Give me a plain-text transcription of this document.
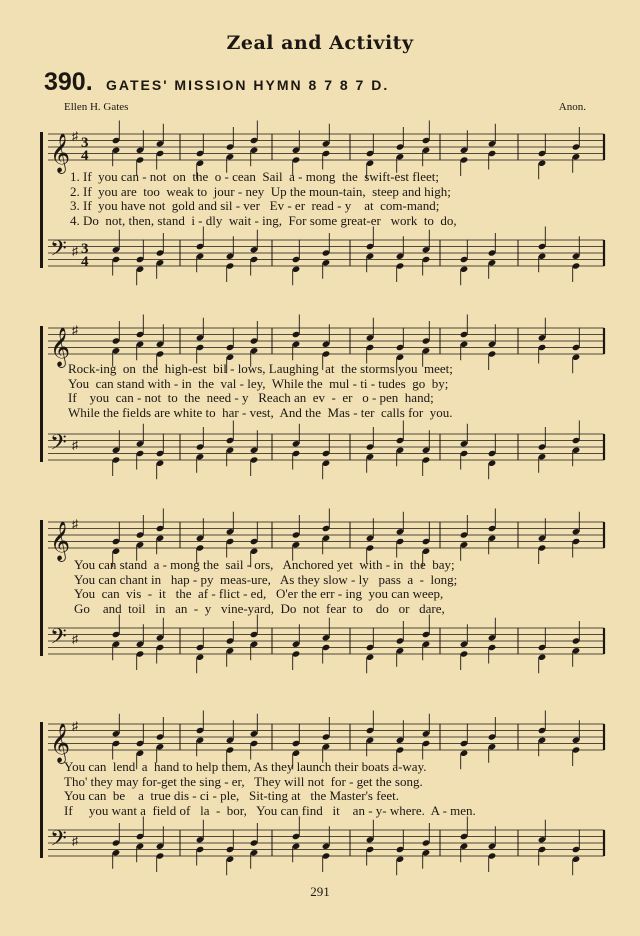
Zeal and Activity
390. GATES' MISSION HYMN 8 7 8 7 D.
Ellen H. Gates	Anon.
𝄞 ♯ 3
4
𝄢 ♯ 3
4
1. If  you can - not  on  the  o - cean  Sail  a - mong  the  swift-est fleet;
2. If  you are  too  weak to  jour - ney  Up the moun-tain,  steep and high;
3. If  you have not  gold and sil - ver   Ev - er  read - y    at  com-mand;
4. Do  not, then, stand  i - dly  wait - ing,  For some great-er   work  to  do,
𝄞 ♯
𝄢 ♯
Rock-ing  on  the  high-est  bil - lows, Laughing  at  the storms you  meet;
You  can stand with - in  the  val - ley,  While the  mul - ti - tudes  go  by;
If    you  can - not  to  the  need - y   Reach an  ev  -  er   o - pen  hand;
While the fields are white to  har - vest,  And the  Mas - ter  calls for  you.
𝄞 ♯
𝄢 ♯
You can stand  a - mong the  sail - ors,   Anchored yet  with - in  the  bay;
You can chant in   hap - py  meas-ure,   As they slow - ly   pass  a  -  long;
You  can  vis  -  it   the  af - flict - ed,   O'er the err - ing  you can weep,
Go    and  toil   in   an  -  y   vine-yard,  Do  not  fear  to    do   or   dare,
𝄞 ♯
𝄢 ♯
You can  lend  a  hand to help them, As they launch their boats a-way.
Tho' they may for-get the sing - er,   They will not  for - get the song.
You can  be    a  true dis - ci - ple,   Sit-ting at   the Master's feet.
If     you want a  field of   la  -  bor,   You can find   it    an - y- where.  A - men.
291
